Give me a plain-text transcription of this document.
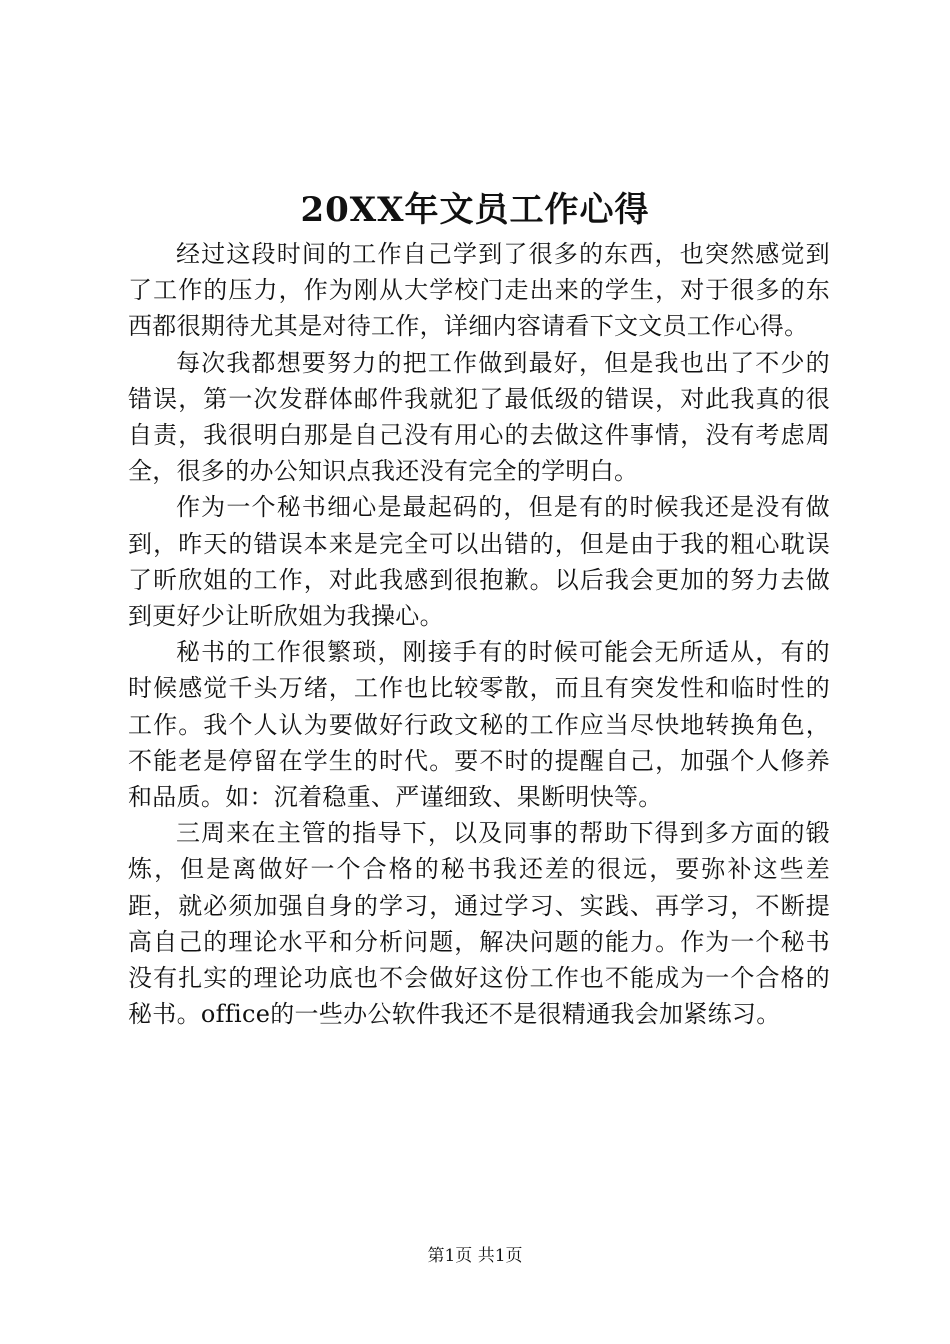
20XX年文员工作心得

经过这段时间的工作自己学到了很多的东西，也突然感觉到了工作的压力，作为刚从大学校门走出来的学生，对于很多的东西都很期待尤其是对待工作，详细内容请看下文文员工作心得。

每次我都想要努力的把工作做到最好，但是我也出了不少的错误，第一次发群体邮件我就犯了最低级的错误，对此我真的很自责，我很明白那是自己没有用心的去做这件事情，没有考虑周全，很多的办公知识点我还没有完全的学明白。

作为一个秘书细心是最起码的，但是有的时候我还是没有做到，昨天的错误本来是完全可以出错的，但是由于我的粗心耽误了昕欣姐的工作，对此我感到很抱歉。以后我会更加的努力去做到更好少让昕欣姐为我操心。

秘书的工作很繁琐，刚接手有的时候可能会无所适从，有的时候感觉千头万绪，工作也比较零散，而且有突发性和临时性的工作。我个人认为要做好行政文秘的工作应当尽快地转换角色，不能老是停留在学生的时代。要不时的提醒自己，加强个人修养和品质。如：沉着稳重、严谨细致、果断明快等。

三周来在主管的指导下，以及同事的帮助下得到多方面的锻炼，但是离做好一个合格的秘书我还差的很远，要弥补这些差距，就必须加强自身的学习，通过学习、实践、再学习，不断提高自己的理论水平和分析问题，解决问题的能力。作为一个秘书没有扎实的理论功底也不会做好这份工作也不能成为一个合格的秘书。office的一些办公软件我还不是很精通我会加紧练习。

第1页 共1页
